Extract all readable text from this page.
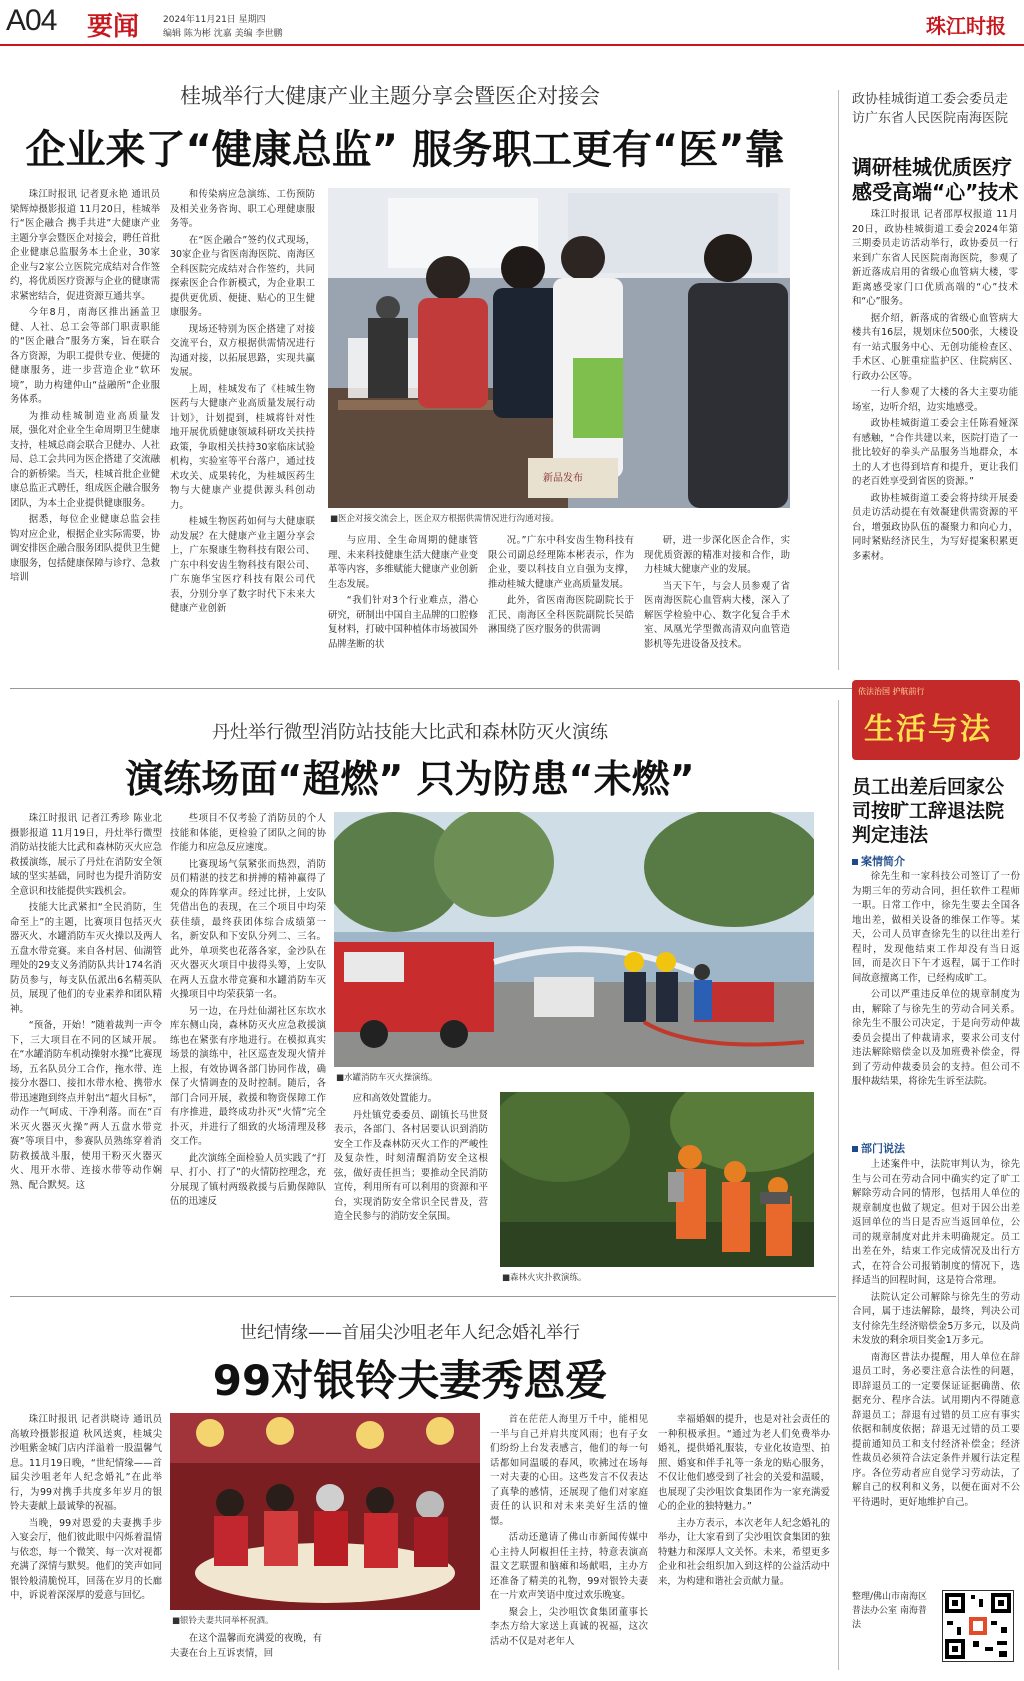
A04 要闻	2024年11月21日 星期四
编辑 陈为彬 沈嘉 美编 李世鹏	珠江时报
桂城举行大健康产业主题分享会暨医企对接会
企业来了“健康总监” 服务职工更有“医”靠

珠江时报讯 记者夏永艳 通讯员梁辉焯摄影报道 11月20日，桂城举行“医企融合 携手共进”大健康产业主题分享会暨医企对接会，聘任首批企业健康总监服务本土企业，30家企业与2家公立医院完成结对合作签约，将优质医疗资源与企业的健康需求紧密结合，促进资源互通共享。

今年8月，南海区推出涵盖卫健、人社、总工会等部门职责职能的“医企融合”服务方案，旨在联合各方资源，为职工提供专业、便捷的健康服务，进一步营造企业“软环境”，助力构建仲山“益融所”企业服务体系。

为推动桂城制造业高质量发展，强化对企业全生命周期卫生健康支持，桂城总商会联合卫健办、人社局、总工会共同为医企搭建了交流融合的新桥梁。当天，桂城首批企业健康总监正式聘任，组成医企融合服务团队，为本土企业提供健康服务。

据悉，每位企业健康总监会挂钩对应企业，根据企业实际需要，协调安排医企融合服务团队提供卫生健康服务，包括健康保障与诊疗、急救培训

和传染病应急演练、工伤预防及相关业务咨询、职工心理健康服务等。

在“医企融合”签约仪式现场，30家企业与省医南海医院、南海区全科医院完成结对合作签约，共同探索医企合作新模式，为企业职工提供更优质、便捷、贴心的卫生健康服务。

现场还特别为医企搭建了对接交流平台，双方根据供需情况进行沟通对接，以拓展思路，实现共赢发展。

上周，桂城发布了《桂城生物医药与大健康产业高质量发展行动计划》，计划提到，桂城将针对性地开展优质健康领域科研攻关扶持政策，争取相关扶持30家临床试验机构，实验室等平台落户，通过技术攻关、成果转化，为桂城医药生物与大健康产业提供源头科创动力。

桂城生物医药如何与大健康联动发展？在大健康产业主题分享会上，广东聚康生物科技有限公司、广东中科安齿生物科技有限公司、广东施华宝医疗科技有限公司代表，分别分享了数字时代下未来大健康产业创新

新品发布
■医企对接交流会上，医企双方根据供需情况进行沟通对接。

与应用、全生命周期的健康管理、未来科技健康生活大健康产业变革等内容，多维赋能大健康产业创新生态发展。

“我们针对3个行业难点，潜心研究，研制出中国自主品牌的口腔修复材料，打破中国种植体市场被国外品牌垄断的状

况。”广东中科安齿生物科技有限公司副总经理陈本彬表示，作为企业，要以科技自立自强为支撑，推动桂城大健康产业高质量发展。

此外，省医南海医院副院长于汇民、南海区全科医院副院长吴皓淋围绕了医疗服务的供需调

研，进一步深化医企合作，实现优质资源的精准对接和合作，助力桂城大健康产业的发展。

当天下午，与会人员参观了省医南海医院心血管病大楼，深入了解医学检验中心、数字化复合手术室、凤凰光学型微高清双向血管造影机等先进设备及技术。

政协桂城街道工委会委员走访广东省人民医院南海医院
调研桂城优质医疗感受高端“心”技术

珠江时报讯 记者邵厚权报道 11月20日，政协桂城街道工委会2024年第三期委员走访活动举行，政协委员一行来到广东省人民医院南海医院，参观了新近落成启用的省级心血管病大楼，零距离感受家门口优质高端的“心”技术和“心”服务。

据介绍，新落成的省级心血管病大楼共有16层，规划床位500张，大楼设有一站式服务中心、无创功能检查区、手术区、心脏重症监护区、住院病区、行政办公区等。

一行人参观了大楼的各大主要功能场室，边听介绍，边实地感受。

政协桂城街道工委会主任陈看娅深有感触，“合作共建以来，医院打造了一批比较好的拳头产品服务当地群众，本土的人才也得到培育和提升，更让我们的老百姓享受到省医的资源。”

政协桂城街道工委会将持续开展委员走访活动提在有效凝建供需资源的平台，增强政协队伍的凝聚力和向心力，同时紧贴经济民生，为写好提案积累更多素材。

依法治国 护航前行
生活与法
员工出差后回家公司按旷工辞退法院判定违法
案情简介

徐先生和一家科技公司签订了一份为期三年的劳动合同，担任软件工程师一职。日常工作中，徐先生要去全国各地出差，做相关设备的维保工作等。某天，公司人员审查徐先生的以往出差行程时，发现他结束工作却没有当日返回，而是次日下午才返程，属于工作时间故意擅离工作，已经构成旷工。

公司以严重违反单位的规章制度为由，解除了与徐先生的劳动合同关系。徐先生不服公司决定，于是向劳动仲裁委员会提出了仲裁请求，要求公司支付违法解除赔偿金以及加班费补偿金，得到了劳动仲裁委员会的支持。但公司不服仲裁结果，将徐先生诉至法院。

部门说法

上述案件中，法院审判认为，徐先生与公司在劳动合同中确实约定了旷工解除劳动合同的情形，包括用人单位的规章制度也做了规定。但对于因公出差返回单位的当日是否应当返回单位，公司的规章制度对此并未明确规定。员工出差在外，结束工作完成情况及出行方式，在符合公司报销制度的情况下，选择适当的回程时间，这是符合常理。

法院认定公司解除与徐先生的劳动合同，属于违法解除，最终，判决公司支付徐先生经济赔偿金5万多元，以及尚未发放的剩余项目奖金1万多元。

南海区普法办提醒，用人单位在辞退员工时，务必要注意合法性的问题，即辞退员工的一定要保证证据确凿、依据充分、程序合法。试用期内不得随意辞退员工；辞退有过错的员工应有事实依据和制度依据；辞退无过错的员工要提前通知员工和支付经济补偿金；经济性裁员必须符合法定条件并履行法定程序。各位劳动者应自觉学习劳动法，了解自己的权利和义务，以便在面对不公平待遇时，更好地维护自己。

整理/佛山市南海区普法办公室 南海普法
丹灶举行微型消防站技能大比武和森林防灭火演练
演练场面“超燃” 只为防患“未燃”

珠江时报讯 记者江秀珍 陈业北摄影报道 11月19日，丹灶举行微型消防站技能大比武和森林防灭火应急救援演练，展示了丹灶在消防安全领域的坚实基础，同时也为提升消防安全意识和技能提供实践机会。

技能大比武紧扣“全民消防，生命至上”的主题，比赛项目包括灭火器灭火、水罐消防车灭火操以及两人五盘水带竞赛。来自各村居、仙湖管理处的29支义务消防队共计174名消防员参与，每支队伍派出6名精英队员，展现了他们的专业素养和团队精神。

“预备，开始！”随着裁判一声令下，三大项目在不同的区域开展。在“水罐消防车机动操射水操”比赛现场，五名队员分工合作，拖水带、连接分水器口、接扣水带水枪、携带水带迅速跑到终点并射出“超火目标”，动作一气呵成、干净利落。而在“百米灭火器灭火操”两人五盘水带竞赛”等项目中，参赛队员熟练穿着消防救援战斗服，使用干粉灭火器灭火、甩开水带、连接水带等动作娴熟、配合默契。这

些项目不仅考验了消防员的个人技能和体能，更检验了团队之间的协作能力和应急反应速度。

比赛现场气氛紧张而热烈，消防员们精湛的技艺和拼搏的精神赢得了观众的阵阵掌声。经过比拼，上安队凭借出色的表现，在三个项目中均荣获佳绩，最终获团体综合成绩第一名，新安队和下安队分列二、三名。此外，单项奖也花落各家，金沙队在灭火器灭火项目中拔得头筹，上安队在两人五盘水带竞赛和水罐消防车灭火操项目中均荣获第一名。

另一边，在丹灶仙湖社区东坎水库东侧山岗，森林防灭火应急救援演练也在紧张有序地进行。在模拟真实场景的演练中，社区巡查发现火情并上报，有效协调各部门协同作战，确保了火情调查的及时控制。随后，各部门合同开展，救援和物资保障工作有序推进，最终成功扑灭“火情”完全扑灭，并进行了细致的火场清理及移交工作。

此次演练全面检验人员实践了“打早、打小、打了”的火情防控理念，充分展现了镇村两级救援与后勤保障队伍的迅速反

■水罐消防车灭火操演练。

应和高效处置能力。

丹灶镇党委委员、副镇长马世贤表示，各部门、各村居要认识到消防安全工作及森林防灭火工作的严峻性及复杂性，时刻清醒消防安全这根弦，做好责任担当；要推动全民消防宣传，利用所有可以利用的资源和平台，实现消防安全常识全民普及，营造全民参与的消防安全氛围。

■森林火灾扑救演练。
世纪情缘——首届尖沙咀老年人纪念婚礼举行
99对银铃夫妻秀恩爱

珠江时报讯 记者洪晓诗 通讯员高敏玲摄影报道 秋风送爽，桂城尖沙咀紫金城门店内洋溢着一股温馨气息。11月19日晚，“世纪情缘——首届尖沙咀老年人纪念婚礼”在此举行，为99对携手共度多年岁月的银铃夫妻献上最诚挚的祝福。

当晚，99对恩爱的夫妻携手步入宴会厅，他们彼此眼中闪烁着温情与依恋，每一个微笑、每一次对视都充满了深情与默契。他们的笑声如同银铃般清脆悦耳，回荡在岁月的长廊中，诉说着深深厚的爱意与回忆。

■银铃夫妻共同举杯祝酒。

在这个温馨而充满爱的夜晚，有夫妻在台上互诉衷情，回

首在茫茫人海里万千中，能相见一半与自己并肩共度风雨；也有子女们纷纷上台发表感言，他们的每一句话都如同温暖的春风，吹拂过在场每一对夫妻的心田。这些发言不仅表达了真挚的感情，还展现了他们对家庭责任的认识和对未来美好生活的憧憬。

活动还邀请了佛山市新闻传媒中心主持人阿椒担任主持，特意表演高温文艺联盟和脑瘫和场献唱，主办方还准备了精美的礼物，99对银铃夫妻在一片欢声笑语中度过欢乐晚宴。

聚会上，尖沙咀饮食集团董事长李杰方给大家送上真诚的祝福，这次活动不仅是对老年人

幸福婚姻的提升，也是对社会责任的一种积极承担。“通过为老人们免费举办婚礼，提供婚礼服装，专业化妆造型、拍照、婚宴和伴手礼等一条龙的贴心服务，不仅让他们感受到了社会的关爱和温暖，也展现了尖沙咀饮食集团作为一家充满爱心的企业的独特魅力。”

主办方表示，本次老年人纪念婚礼的举办，让大家看到了尖沙咀饮食集团的独特魅力和深厚人文关怀。未来，希望更多企业和社会组织加入到这样的公益活动中来，为构建和谐社会贡献力量。
